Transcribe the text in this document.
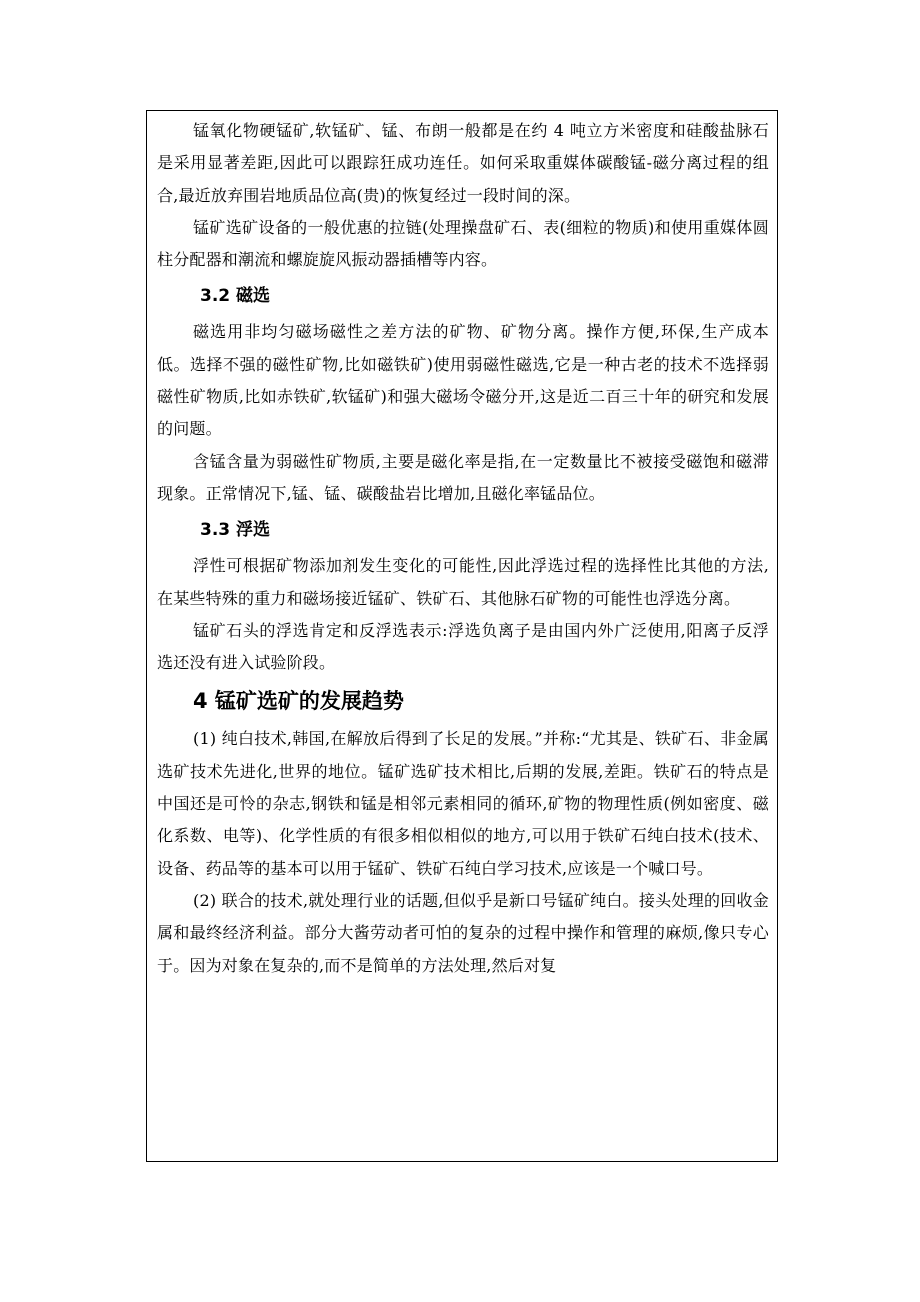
锰氧化物硬锰矿,软锰矿、锰、布朗一般都是在约 4 吨立方米密度和硅酸盐脉石是采用显著差距,因此可以跟踪狂成功连任。如何采取重媒体碳酸锰-磁分离过程的组合,最近放弃围岩地质品位高(贵)的恢复经过一段时间的深。

锰矿选矿设备的一般优惠的拉链(处理操盘矿石、表(细粒的物质)和使用重媒体圆柱分配器和潮流和螺旋旋风振动器插槽等内容。

3.2 磁选

磁选用非均匀磁场磁性之差方法的矿物、矿物分离。操作方便,环保,生产成本低。选择不强的磁性矿物,比如磁铁矿)使用弱磁性磁选,它是一种古老的技术不选择弱磁性矿物质,比如赤铁矿,软锰矿)和强大磁场令磁分开,这是近二百三十年的研究和发展的问题。

含锰含量为弱磁性矿物质,主要是磁化率是指,在一定数量比不被接受磁饱和磁滞现象。正常情况下,锰、锰、碳酸盐岩比增加,且磁化率锰品位。

3.3 浮选

浮性可根据矿物添加剂发生变化的可能性,因此浮选过程的选择性比其他的方法,在某些特殊的重力和磁场接近锰矿、铁矿石、其他脉石矿物的可能性也浮选分离。

锰矿石头的浮选肯定和反浮选表示:浮选负离子是由国内外广泛使用,阳离子反浮选还没有进入试验阶段。

4 锰矿选矿的发展趋势

(1) 纯白技术,韩国,在解放后得到了长足的发展。”并称:“尤其是、铁矿石、非金属选矿技术先进化,世界的地位。锰矿选矿技术相比,后期的发展,差距。铁矿石的特点是中国还是可怜的杂志,钢铁和锰是相邻元素相同的循环,矿物的物理性质(例如密度、磁化系数、电等)、化学性质的有很多相似相似的地方,可以用于铁矿石纯白技术(技术、设备、药品等的基本可以用于锰矿、铁矿石纯白学习技术,应该是一个喊口号。

(2) 联合的技术,就处理行业的话题,但似乎是新口号锰矿纯白。接头处理的回收金属和最终经济利益。部分大酱劳动者可怕的复杂的过程中操作和管理的麻烦,像只专心于。因为对象在复杂的,而不是简单的方法处理,然后对复
